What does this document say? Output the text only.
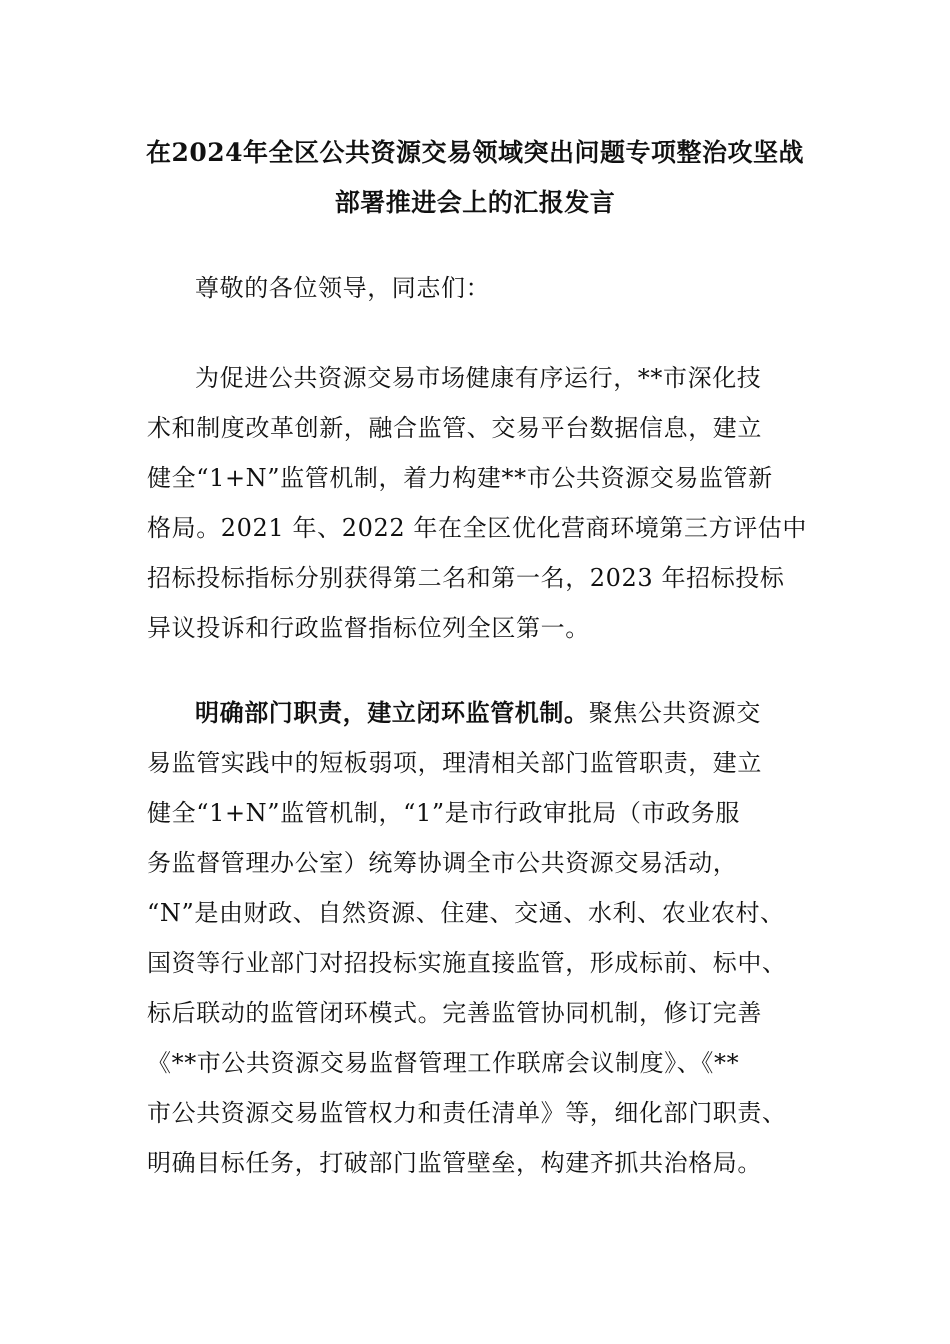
在2024年全区公共资源交易领域突出问题专项整治攻坚战
部署推进会上的汇报发言
尊敬的各位领导，同志们：
为促进公共资源交易市场健康有序运行，**市深化技
术和制度改革创新，融合监管、交易平台数据信息，建立
健全“1+N”监管机制，着力构建**市公共资源交易监管新
格局。2021 年、2022 年在全区优化营商环境第三方评估中
招标投标指标分别获得第二名和第一名，2023 年招标投标
异议投诉和行政监督指标位列全区第一。
明确部门职责，建立闭环监管机制。聚焦公共资源交
易监管实践中的短板弱项，理清相关部门监管职责，建立
健全“1+N”监管机制，“1”是市行政审批局（市政务服
务监督管理办公室）统筹协调全市公共资源交易活动，
“N”是由财政、自然资源、住建、交通、水利、农业农村、
国资等行业部门对招投标实施直接监管，形成标前、标中、
标后联动的监管闭环模式。完善监管协同机制，修订完善
《**市公共资源交易监督管理工作联席会议制度》、《**
市公共资源交易监管权力和责任清单》等，细化部门职责、
明确目标任务，打破部门监管壁垒，构建齐抓共治格局。
